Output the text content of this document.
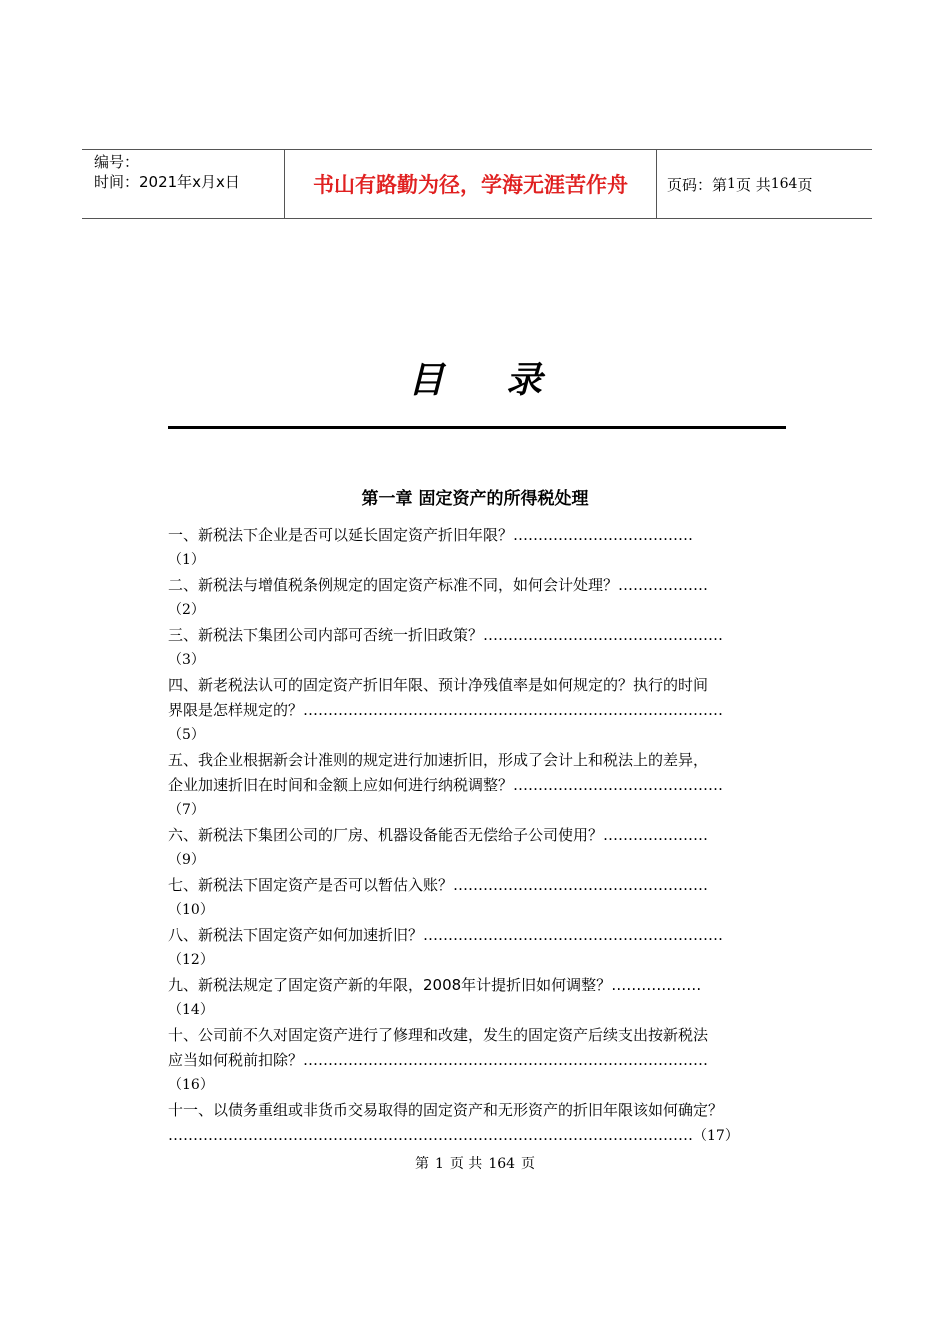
编号：
时间：2021年x月x日	书山有路勤为径，学海无涯苦作舟	页码：第 1 页 共 164 页
目 录
第一章 固定资产的所得税处理
一、新税法下企业是否可以延长固定资产折旧年限？………………………………
（1）
二、新税法与增值税条例规定的固定资产标准不同，如何会计处理？………………
（2）
三、新税法下集团公司内部可否统一折旧政策？…………………………………………
（3）
四、新老税法认可的固定资产折旧年限、预计净残值率是如何规定的？执行的时间
界限是怎样规定的？…………………………………………………………………………
（5）
五、我企业根据新会计准则的规定进行加速折旧，形成了会计上和税法上的差异，
企业加速折旧在时间和金额上应如何进行纳税调整？……………………………………
（7）
六、新税法下集团公司的厂房、机器设备能否无偿给子公司使用？…………………
（9）
七、新税法下固定资产是否可以暂估入账？……………………………………………
（10）
八、新税法下固定资产如何加速折旧？……………………………………………………
（12）
九、新税法规定了固定资产新的年限，2008年计提折旧如何调整？………………
（14）
十、公司前不久对固定资产进行了修理和改建，发生的固定资产后续支出按新税法
应当如何税前扣除？………………………………………………………………………
（16）
十一、以债务重组或非货币交易取得的固定资产和无形资产的折旧年限该如何确定？
……………………………………………………………………………………………（17）
第 1 页 共 164 页
